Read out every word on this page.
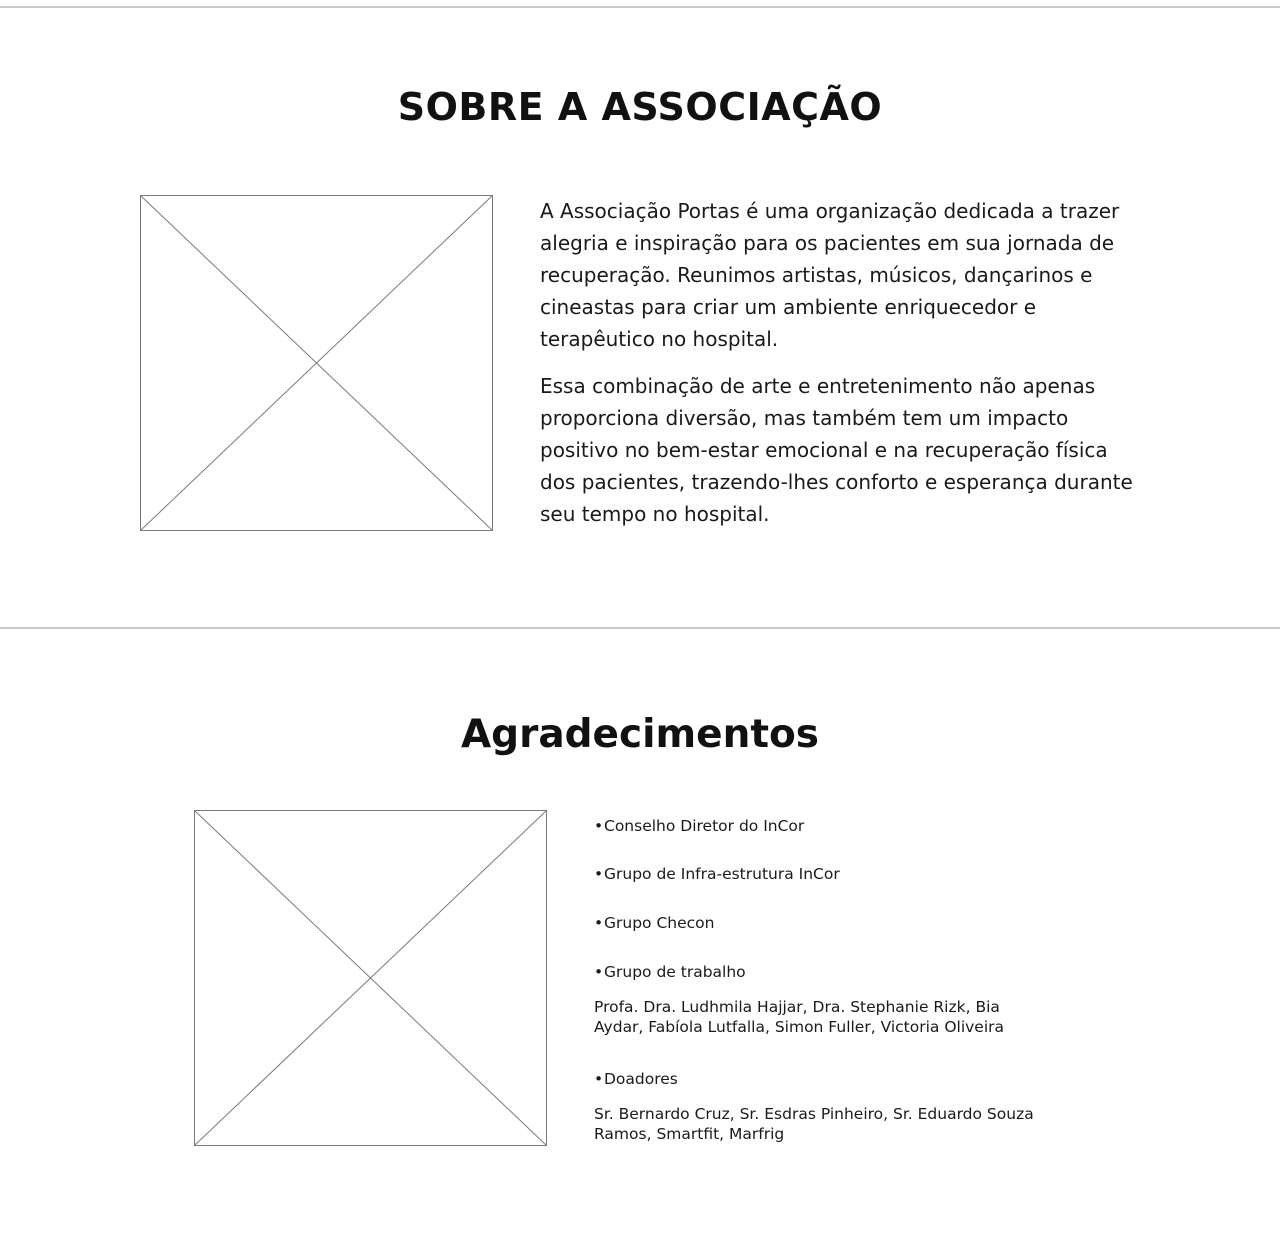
SOBRE A ASSOCIAÇÃO

A Associação Portas é uma organização dedicada a trazer alegria e inspiração para os pacientes em sua jornada de recuperação. Reunimos artistas, músicos, dançarinos e cineastas para criar um ambiente enriquecedor e terapêutico no hospital.

Essa combinação de arte e entretenimento não apenas proporciona diversão, mas também tem um impacto positivo no bem-estar emocional e na recuperação física dos pacientes, trazendo-lhes conforto e esperança durante seu tempo no hospital.

Agradecimentos
•Conselho Diretor do InCor
•Grupo de Infra-estrutura InCor
•Grupo Checon
•Grupo de trabalho
Profa. Dra. Ludhmila Hajjar, Dra. Stephanie Rizk, Bia Aydar, Fabíola Lutfalla, Simon Fuller, Victoria Oliveira
•Doadores
Sr. Bernardo Cruz, Sr. Esdras Pinheiro, Sr. Eduardo Souza Ramos, Smartfit, Marfrig
